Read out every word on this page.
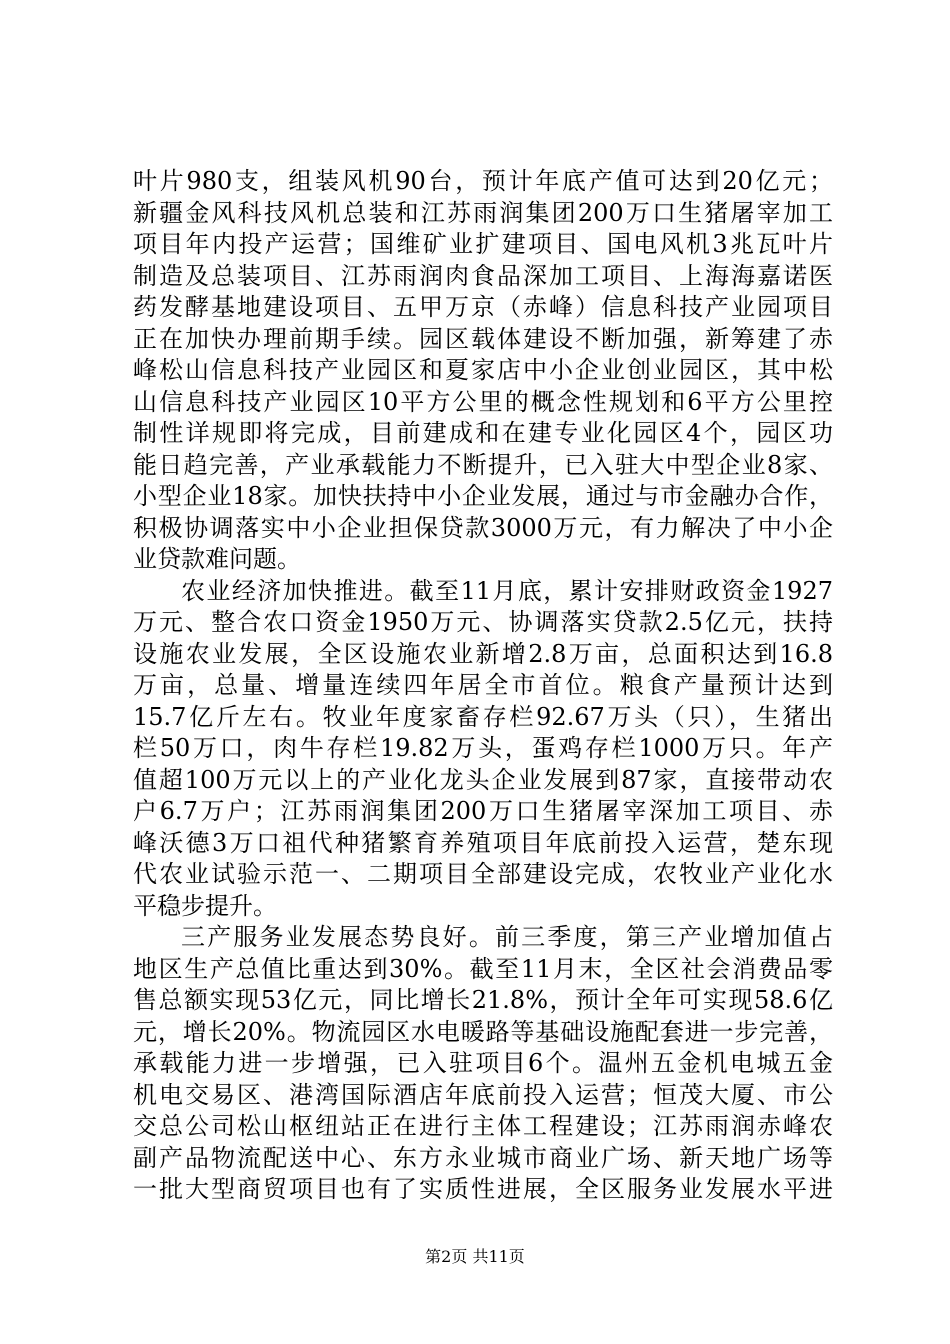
叶片980支，组装风机90台，预计年底产值可达到20亿元；
新疆金风科技风机总装和江苏雨润集团200万口生猪屠宰加工
项目年内投产运营；国维矿业扩建项目、国电风机3兆瓦叶片
制造及总装项目、江苏雨润肉食品深加工项目、上海海嘉诺医
药发酵基地建设项目、五甲万京（赤峰）信息科技产业园项目
正在加快办理前期手续。园区载体建设不断加强，新筹建了赤
峰松山信息科技产业园区和夏家店中小企业创业园区，其中松
山信息科技产业园区10平方公里的概念性规划和6平方公里控
制性详规即将完成，目前建成和在建专业化园区4个，园区功
能日趋完善，产业承载能力不断提升，已入驻大中型企业8家、
小型企业18家。加快扶持中小企业发展，通过与市金融办合作，
积极协调落实中小企业担保贷款3000万元，有力解决了中小企
业贷款难问题。
农业经济加快推进。截至11月底，累计安排财政资金1927
万元、整合农口资金1950万元、协调落实贷款2.5亿元，扶持
设施农业发展，全区设施农业新增2.8万亩，总面积达到16.8
万亩，总量、增量连续四年居全市首位。粮食产量预计达到
15.7亿斤左右。牧业年度家畜存栏92.67万头（只），生猪出
栏50万口，肉牛存栏19.82万头，蛋鸡存栏1000万只。年产
值超100万元以上的产业化龙头企业发展到87家，直接带动农
户6.7万户；江苏雨润集团200万口生猪屠宰深加工项目、赤
峰沃德3万口祖代种猪繁育养殖项目年底前投入运营，楚东现
代农业试验示范一、二期项目全部建设完成，农牧业产业化水
平稳步提升。
三产服务业发展态势良好。前三季度，第三产业增加值占
地区生产总值比重达到30%。截至11月末，全区社会消费品零
售总额实现53亿元，同比增长21.8%，预计全年可实现58.6亿
元，增长20%。物流园区水电暖路等基础设施配套进一步完善，
承载能力进一步增强，已入驻项目6个。温州五金机电城五金
机电交易区、港湾国际酒店年底前投入运营；恒茂大厦、市公
交总公司松山枢纽站正在进行主体工程建设；江苏雨润赤峰农
副产品物流配送中心、东方永业城市商业广场、新天地广场等
一批大型商贸项目也有了实质性进展，全区服务业发展水平进
第2页 共11页
